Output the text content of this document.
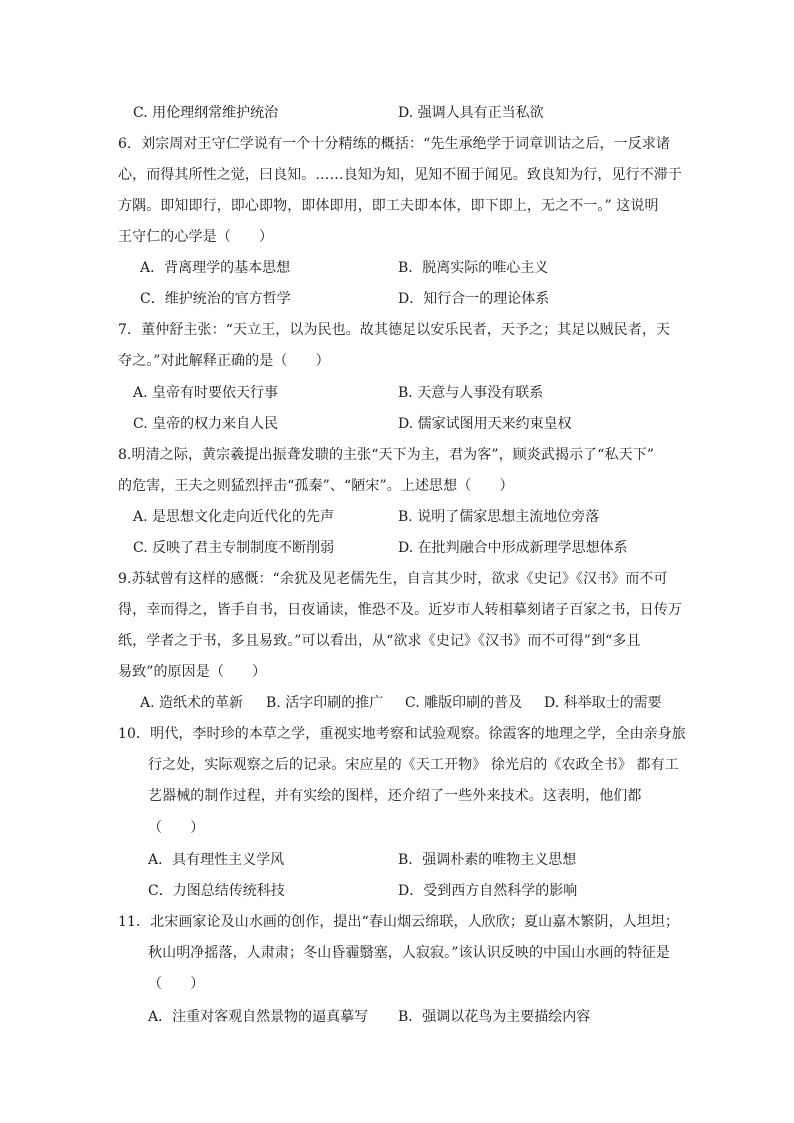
C. 用伦理纲常维护统治	D. 强调人具有正当私欲
6．刘宗周对王守仁学说有一个十分精练的概括：“先生承绝学于词章训诂之后，一反求诸
心，而得其所性之觉，曰良知。……良知为知，见知不囿于闻见。致良知为行，见行不滞于
方隅。即知即行，即心即物，即体即用，即工夫即本体，即下即上，无之不一。” 这说明
王守仁的心学是（　　）
A．背离理学的基本思想	B．脱离实际的唯心主义
C．维护统治的官方哲学	D．知行合一的理论体系
7．董仲舒主张：“天立王，以为民也。故其德足以安乐民者，天予之；其足以贼民者，天
夺之。”对此解释正确的是（　　）
A. 皇帝有时要依天行事	B. 天意与人事没有联系
C. 皇帝的权力来自人民	D. 儒家试图用天来约束皇权
8.明清之际，黄宗羲提出振聋发聩的主张“天下为主，君为客”，顾炎武揭示了“私天下”
的危害，王夫之则猛烈抨击“孤秦”、“陋宋”。上述思想（　　）
A. 是思想文化走向近代化的先声	B. 说明了儒家思想主流地位旁落
C. 反映了君主专制制度不断削弱	D. 在批判融合中形成新理学思想体系
9.苏轼曾有这样的感慨：“余犹及见老儒先生，自言其少时，欲求《史记》《汉书》而不可
得，幸而得之，皆手自书，日夜诵读，惟恐不及。近岁市人转相摹刻诸子百家之书，日传万
纸，学者之于书，多且易致。”可以看出，从“欲求《史记》《汉书》而不可得”到“多且
易致”的原因是（　　）
A. 造纸术的革新 B. 活字印刷的推广 C. 雕版印刷的普及 D. 科举取士的需要
10．明代，李时珍的本草之学，重视实地考察和试验观察。徐霞客的地理之学，全由亲身旅
行之处，实际观察之后的记录。宋应星的《天工开物》 徐光启的《农政全书》 都有工
艺器械的制作过程，并有实绘的图样，还介绍了一些外来技术。这表明，他们都
（　　）
A．具有理性主义学风	B．强调朴素的唯物主义思想
C．力图总结传统科技	D．受到西方自然科学的影响
11．北宋画家论及山水画的创作，提出“春山烟云绵联，人欣欣；夏山嘉木繁阴，人坦坦；
秋山明净摇落，人肃肃；冬山昏霾翳塞，人寂寂。”该认识反映的中国山水画的特征是
（　　）
A．注重对客观自然景物的逼真摹写 B．强调以花鸟为主要描绘内容
